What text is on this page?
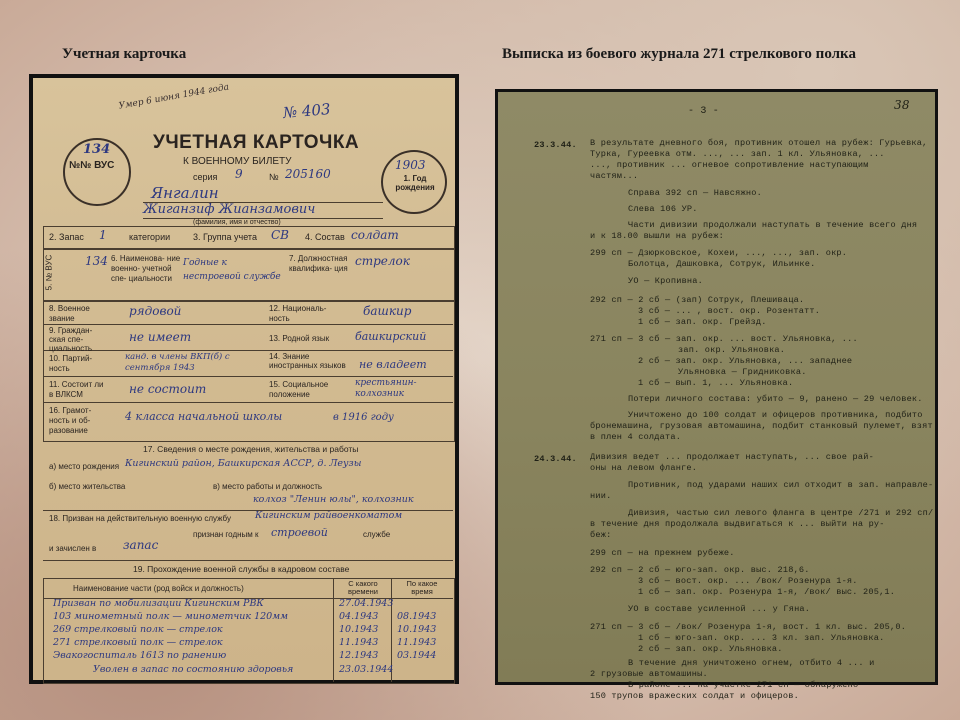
Учетная карточка	Выписка из боевого журнала 271 стрелкового полка
134
№№ ВУС
Умер 6 июня 1944 года	№ 403
УЧЕТНАЯ КАРТОЧКА
К ВОЕННОМУ БИЛЕТУ
серия 9	№ 205160
1903
1. Год рождения
Янгалин
Жиганзиф Жианзамович
(фамилия, имя и отчество)
2. Запас 1 категории	3. Группа учета СВ 4. Состав солдат
5. № ВУС	134 6. Наименова- ние военно- учетной спе- циальности
Годные к нестроевой службе
7. Должностная квалифика- ция
стрелок
8. Военное звание
рядовой	12. Националь- ность
башкир
9. Граждан- ская спе- циальность
не имеет	13. Родной язык башкирский
10. Партий- ность
канд. в члены ВКП(б) с сентября 1943
14. Знание иностранных языков не владеет
11. Состоит ли в ВЛКСМ	не состоит	15. Социальное положение
крестьянин-колхозник
16. Грамот- ность и об- разование
4 класса начальной школы	в 1916 году
17. Сведения о месте рождения, жительства и работы
а) место рождения Кигинский район, Башкирская АССР, д. Леузы
б) место жительства	в) место работы и должность
колхоз "Ленин юлы", колхозник
18. Призван на действительную военную службу	Кигинским райвоенкоматом
признан годным к строевой	службе
и зачислен в запас
19. Прохождение военной службы в кадровом составе
Наименование части (род войск и должность)
С какого времени
По какое время
Призван по мобилизации Кигинским РВК	27.04.1943
103 минометный полк — минометчик 120мм	04.1943 08.1943
269 стрелковый полк — стрелок	10.1943 10.1943
271 стрелковый полк — стрелок	11.1943 11.1943
Эвакогоспиталь 1613 по ранению	12.1943 03.1944
Уволен в запас по состоянию здоровья	23.03.1944
- 3 -	38
23.3.44. В результате дневного боя, противник отошел на рубеж: Гурьевка,
Турка, Гуреевка отм. ..., ... зап. 1 кл. Ульяновка, ...
..., противник ... огневое сопротивление наступающим
частям...
Справа 392 сп — Навсяжно.
Слева 106 УР.
Части дивизии продолжали наступать в течение всего дня
и к 18.00 вышли на рубеж:
299 сп — Дзюрковское, Кохеи, ..., ..., зап. окр.
Болотца, Дашковка, Сотрук, Ильинке.
УО — Кропивна.
292 сп — 2 сб — (зап) Сотрук, Плешиваца.
3 сб — ... , вост. окр. Розентатт.
1 сб — зап. окр. Грейзд.
271 сп — 3 сб — зап. окр. ... вост. Ульяновка, ...
зап. окр. Ульяновка.
2 сб — зап. окр. Ульяновка, ... западнее
Ульяновка — Гридниковка.
1 сб — вып. 1, ... Ульяновка.
Потери личного состава: убито — 9, ранено — 29 человек.
Уничтожено до 100 солдат и офицеров противника, подбито
бронемашина, грузовая автомашина, подбит станковый пулемет, взят
в плен 4 солдата.
24.3.44. Дивизия ведет ... продолжает наступать, ... свое рай-
оны на левом фланге.
Противник, под ударами наших сил отходит в зап. направле-
нии.
Дивизия, частью сил левого фланга в центре /271 и 292 сп/
в течение дня продолжала выдвигаться к ... выйти на ру-
беж:
299 сп — на прежнем рубеже.
292 сп — 2 сб — юго-зап. окр. выс. 218,6.
3 сб — вост. окр. ... /вок/ Розенура 1-я.
1 сб — зап. окр. Розенура 1-я, /вок/ выс. 205,1.
УО в составе усиленной ... у Гяна.
271 сп — 3 сб — /вок/ Розенура 1-я, вост. 1 кл. выс. 205,0.
1 сб — юго-зап. окр. ... 3 кл. зап. Ульяновка.
2 сб — зап. окр. Ульяновка.
В течение дня уничтожено огнем, отбито 4 ... и
2 грузовые автомашины.
В районе ... на участке 271 сп — обнаружено
150 трупов вражеских солдат и офицеров.
